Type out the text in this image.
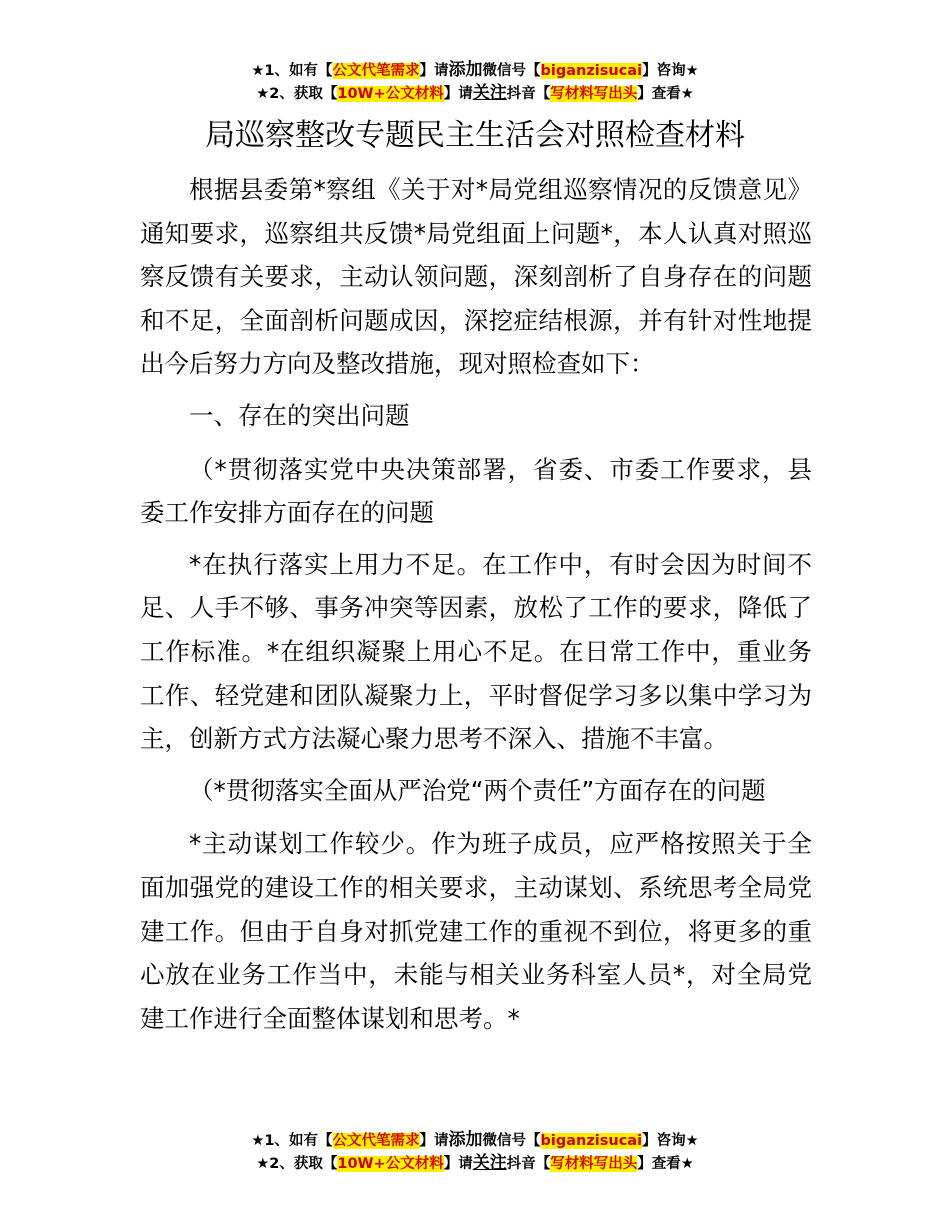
★1、如有【公文代笔需求】请添加微信号【biganzisucai】咨询★
★2、获取【10W+公文材料】请关注抖音【写材料写出头】查看★
局巡察整改专题民主生活会对照检查材料

根据县委第*察组《关于对*局党组巡察情况的反馈意见》通知要求，巡察组共反馈*局党组面上问题*，本人认真对照巡察反馈有关要求，主动认领问题，深刻剖析了自身存在的问题和不足，全面剖析问题成因，深挖症结根源，并有针对性地提出今后努力方向及整改措施，现对照检查如下：

一、存在的突出问题

（*贯彻落实党中央决策部署，省委、市委工作要求，县委工作安排方面存在的问题

*在执行落实上用力不足。在工作中，有时会因为时间不足、人手不够、事务冲突等因素，放松了工作的要求，降低了工作标准。*在组织凝聚上用心不足。在日常工作中，重业务工作、轻党建和团队凝聚力上，平时督促学习多以集中学习为主，创新方式方法凝心聚力思考不深入、措施不丰富。

（*贯彻落实全面从严治党“两个责任”方面存在的问题

*主动谋划工作较少。作为班子成员，应严格按照关于全面加强党的建设工作的相关要求，主动谋划、系统思考全局党建工作。但由于自身对抓党建工作的重视不到位，将更多的重心放在业务工作当中，未能与相关业务科室人员*，对全局党建工作进行全面整体谋划和思考。*

★1、如有【公文代笔需求】请添加微信号【biganzisucai】咨询★
★2、获取【10W+公文材料】请关注抖音【写材料写出头】查看★
